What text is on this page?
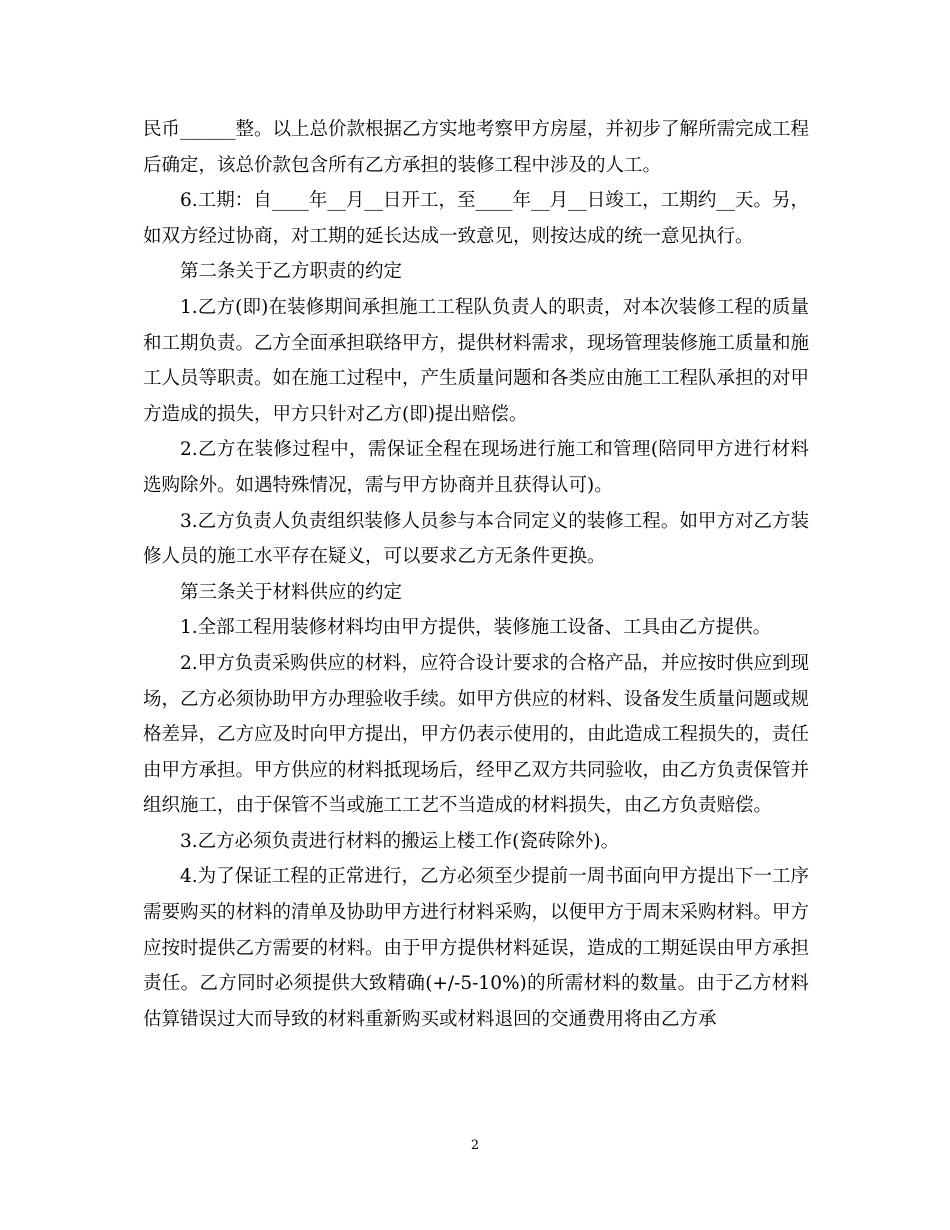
民币______整。以上总价款根据乙方实地考察甲方房屋，并初步了解所需完成工程后确定，该总价款包含所有乙方承担的装修工程中涉及的人工。

6.工期：自____年__月__日开工，至____年__月__日竣工，工期约__天。另，如双方经过协商，对工期的延长达成一致意见，则按达成的统一意见执行。

第二条关于乙方职责的约定

1.乙方(即)在装修期间承担施工工程队负责人的职责，对本次装修工程的质量和工期负责。乙方全面承担联络甲方，提供材料需求，现场管理装修施工质量和施工人员等职责。如在施工过程中，产生质量问题和各类应由施工工程队承担的对甲方造成的损失，甲方只针对乙方(即)提出赔偿。

2.乙方在装修过程中，需保证全程在现场进行施工和管理(陪同甲方进行材料选购除外。如遇特殊情况，需与甲方协商并且获得认可)。

3.乙方负责人负责组织装修人员参与本合同定义的装修工程。如甲方对乙方装修人员的施工水平存在疑义，可以要求乙方无条件更换。

第三条关于材料供应的约定

1.全部工程用装修材料均由甲方提供，装修施工设备、工具由乙方提供。

2.甲方负责采购供应的材料，应符合设计要求的合格产品，并应按时供应到现场，乙方必须协助甲方办理验收手续。如甲方供应的材料、设备发生质量问题或规格差异，乙方应及时向甲方提出，甲方仍表示使用的，由此造成工程损失的，责任由甲方承担。甲方供应的材料抵现场后，经甲乙双方共同验收，由乙方负责保管并组织施工，由于保管不当或施工工艺不当造成的材料损失，由乙方负责赔偿。

3.乙方必须负责进行材料的搬运上楼工作(瓷砖除外)。

4.为了保证工程的正常进行，乙方必须至少提前一周书面向甲方提出下一工序需要购买的材料的清单及协助甲方进行材料采购，以便甲方于周末采购材料。甲方应按时提供乙方需要的材料。由于甲方提供材料延误，造成的工期延误由甲方承担责任。乙方同时必须提供大致精确(+/-5-10%)的所需材料的数量。由于乙方材料估算错误过大而导致的材料重新购买或材料退回的交通费用将由乙方承

2
